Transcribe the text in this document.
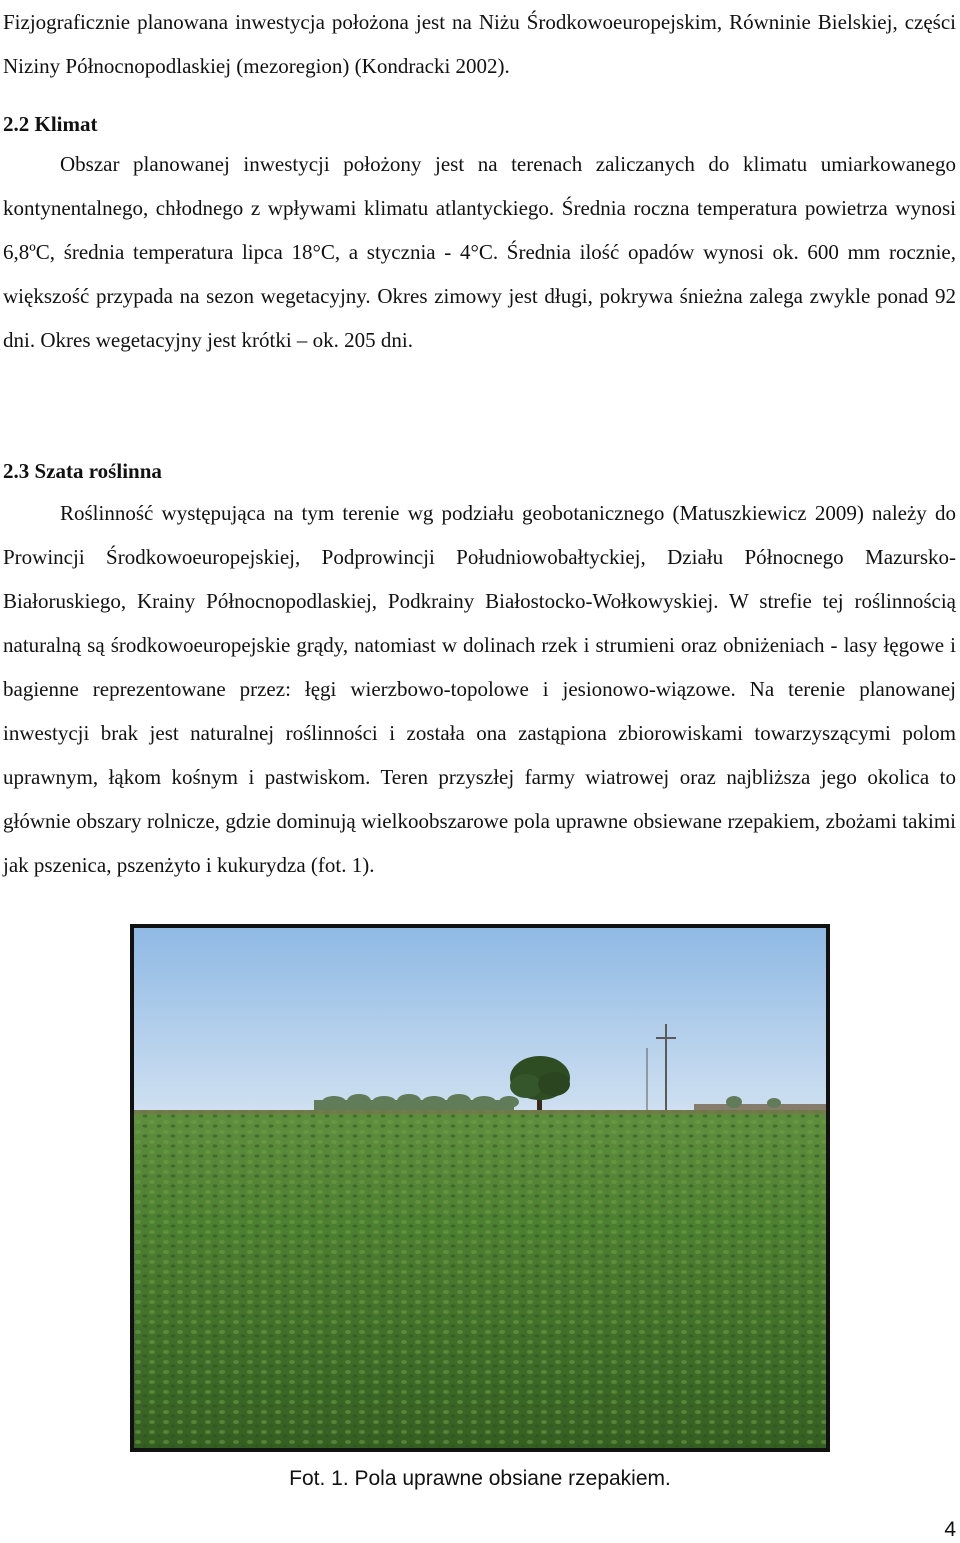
Fizjograficznie planowana inwestycja położona jest na Niżu Środkowoeuropejskim, Równinie Bielskiej, części Niziny Północnopodlaskiej (mezoregion) (Kondracki 2002).

2.2 Klimat

Obszar planowanej inwestycji położony jest na terenach zaliczanych do klimatu umiarkowanego kontynentalnego, chłodnego z wpływami klimatu atlantyckiego. Średnia roczna temperatura powietrza wynosi 6,8ºC, średnia temperatura lipca 18°C, a stycznia - 4°C. Średnia ilość opadów wynosi ok. 600 mm rocznie, większość przypada na sezon wegetacyjny. Okres zimowy jest długi, pokrywa śnieżna zalega zwykle ponad 92 dni. Okres wegetacyjny jest krótki – ok. 205 dni.

2.3 Szata roślinna

Roślinność występująca na tym terenie wg podziału geobotanicznego (Matuszkiewicz 2009) należy do Prowincji Środkowoeuropejskiej, Podprowincji Południowobałtyckiej, Działu Północnego Mazursko-Białoruskiego, Krainy Północnopodlaskiej, Podkrainy Białostocko-Wołkowyskiej. W strefie tej roślinnością naturalną są środkowoeuropejskie grądy, natomiast w dolinach rzek i strumieni oraz obniżeniach - lasy łęgowe i bagienne reprezentowane przez: łęgi wierzbowo-topolowe i jesionowo-wiązowe. Na terenie planowanej inwestycji brak jest naturalnej roślinności i została ona zastąpiona zbiorowiskami towarzyszącymi polom uprawnym, łąkom kośnym i pastwiskom. Teren przyszłej farmy wiatrowej oraz najbliższa jego okolica to głównie obszary rolnicze, gdzie dominują wielkoobszarowe pola uprawne obsiewane rzepakiem, zbożami takimi jak pszenica, pszenżyto i kukurydza (fot. 1).

Fot. 1. Pola uprawne obsiane rzepakiem.

4
